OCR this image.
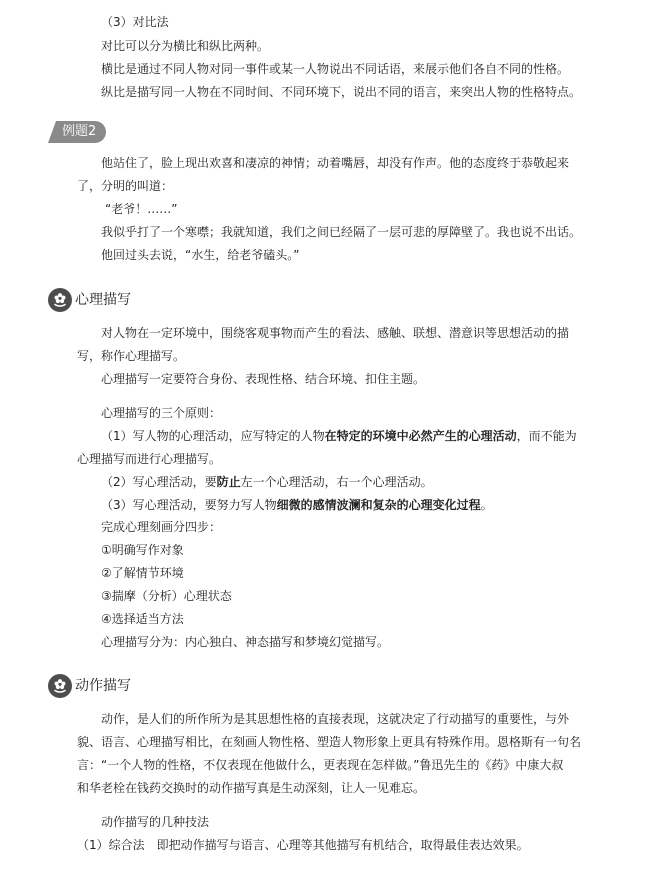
（3）对比法
对比可以分为横比和纵比两种。
横比是通过不同人物对同一事件或某一人物说出不同话语，来展示他们各自不同的性格。
纵比是描写同一人物在不同时间、不同环境下，说出不同的语言，来突出人物的性格特点。
例题2
他站住了，脸上现出欢喜和凄凉的神情；动着嘴唇，却没有作声。他的态度终于恭敬起来
了，分明的叫道：
“老爷！……”
我似乎打了一个寒噤；我就知道，我们之间已经隔了一层可悲的厚障壁了。我也说不出话。
他回过头去说，“水生，给老爷磕头。”
心理描写
对人物在一定环境中，围绕客观事物而产生的看法、感触、联想、潜意识等思想活动的描
写，称作心理描写。
心理描写一定要符合身份、表现性格、结合环境、扣住主题。
心理描写的三个原则：
（1）写人物的心理活动，应写特定的人物在特定的环境中必然产生的心理活动，而不能为
心理描写而进行心理描写。
（2）写心理活动，要防止左一个心理活动，右一个心理活动。
（3）写心理活动，要努力写人物细微的感情波澜和复杂的心理变化过程。
完成心理刻画分四步：
①明确写作对象
②了解情节环境
③揣摩（分析）心理状态
④选择适当方法
心理描写分为：内心独白、神态描写和梦境幻觉描写。
动作描写
动作，是人们的所作所为是其思想性格的直接表现，这就决定了行动描写的重要性，与外
貌、语言、心理描写相比，在刻画人物性格、塑造人物形象上更具有特殊作用。恩格斯有一句名
言：“一个人物的性格，不仅表现在他做什么，更表现在怎样做。”鲁迅先生的《药》中康大叔
和华老栓在钱药交换时的动作描写真是生动深刻，让人一见难忘。
动作描写的几种技法
（1）综合法　即把动作描写与语言、心理等其他描写有机结合，取得最佳表达效果。
